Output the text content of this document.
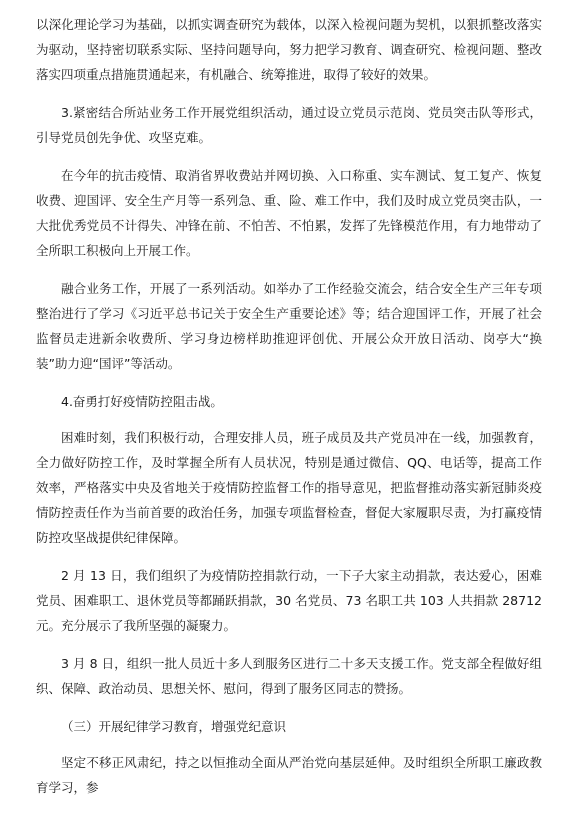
以深化理论学习为基础，以抓实调查研究为载体，以深入检视问题为契机，以狠抓整改落实为驱动，坚持密切联系实际、坚持问题导向，努力把学习教育、调查研究、检视问题、整改落实四项重点措施贯通起来，有机融合、统筹推进，取得了较好的效果。

3.紧密结合所站业务工作开展党组织活动，通过设立党员示范岗、党员突击队等形式，引导党员创先争优、攻坚克难。

在今年的抗击疫情、取消省界收费站并网切换、入口称重、实车测试、复工复产、恢复收费、迎国评、安全生产月等一系列急、重、险、难工作中，我们及时成立党员突击队，一大批优秀党员不计得失、冲锋在前、不怕苦、不怕累，发挥了先锋模范作用，有力地带动了全所职工积极向上开展工作。

融合业务工作，开展了一系列活动。如举办了工作经验交流会，结合安全生产三年专项整治进行了学习《习近平总书记关于安全生产重要论述》等；结合迎国评工作，开展了社会监督员走进新余收费所、学习身边榜样助推迎评创优、开展公众开放日活动、岗亭大“换装”助力迎“国评”等活动。

4.奋勇打好疫情防控阻击战。

困难时刻，我们积极行动，合理安排人员，班子成员及共产党员冲在一线，加强教育，全力做好防控工作，及时掌握全所有人员状况，特别是通过微信、QQ、电话等，提高工作效率，严格落实中央及省地关于疫情防控监督工作的指导意见，把监督推动落实新冠肺炎疫情防控责任作为当前首要的政治任务，加强专项监督检查，督促大家履职尽责，为打赢疫情防控攻坚战提供纪律保障。

2 月 13 日，我们组织了为疫情防控捐款行动，一下子大家主动捐款，表达爱心，困难党员、困难职工、退休党员等都踊跃捐款，30 名党员、73 名职工共 103 人共捐款 28712 元。充分展示了我所坚强的凝聚力。

3 月 8 日，组织一批人员近十多人到服务区进行二十多天支援工作。党支部全程做好组织、保障、政治动员、思想关怀、慰问，得到了服务区同志的赞扬。

（三）开展纪律学习教育，增强党纪意识

坚定不移正风肃纪，持之以恒推动全面从严治党向基层延伸。及时组织全所职工廉政教育学习，参
